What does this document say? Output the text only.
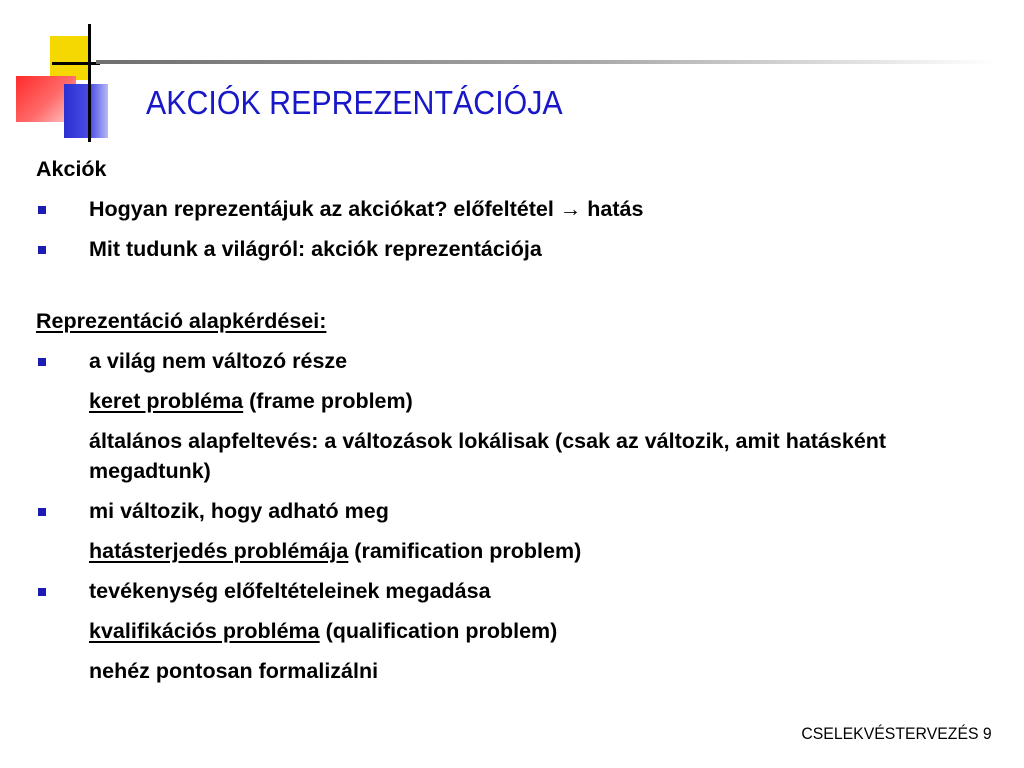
AKCIÓK REPREZENTÁCIÓJA
Akciók
Hogyan reprezentájuk az akciókat? előfeltétel → hatás
Mit tudunk a világról: akciók reprezentációja
Reprezentáció alapkérdései:
a világ nem változó része
keret probléma (frame problem)
általános alapfeltevés: a változások lokálisak (csak az változik, amit hatásként megadtunk)
mi változik, hogy adható meg
hatásterjedés problémája (ramification problem)
tevékenység előfeltételeinek megadása
kvalifikációs probléma (qualification problem)
nehéz pontosan formalizálni
CSELEKVÉSTERVEZÉS 9
